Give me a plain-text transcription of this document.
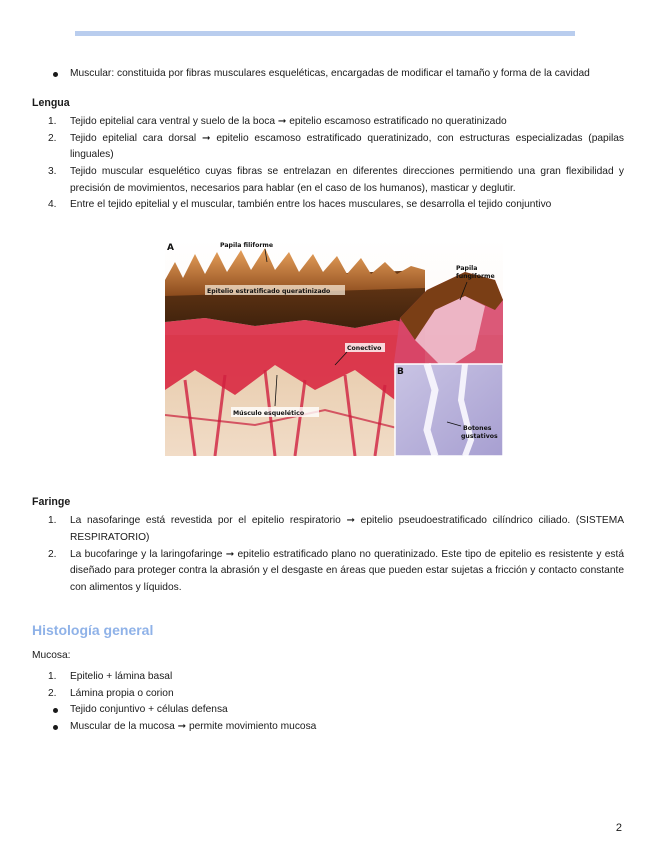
Muscular: constituida por fibras musculares esqueléticas, encargadas de modificar el tamaño y forma de la cavidad
Lengua
1.	Tejido epitelial cara ventral y suelo de la boca ➞ epitelio escamoso estratificado no queratinizado
2.	Tejido epitelial cara dorsal ➞ epitelio escamoso estratificado queratinizado, con estructuras especializadas (papilas linguales)
3.	Tejido muscular esquelético cuyas fibras se entrelazan en diferentes direcciones permitiendo una gran flexibilidad y precisión de movimientos, necesarios para hablar (en el caso de los humanos), masticar y deglutir.
4.	Entre el tejido epitelial y el muscular, también entre los haces musculares, se desarrolla el tejido conjuntivo
A
B
Papila filiforme
Papila
fungiforme
Epitelio estratificado queratinizado
Conectivo
Músculo esquelético
Botones
gustativos
Faringe
1.	La nasofaringe está revestida por el epitelio respiratorio ➞ epitelio pseudoestratificado cilíndrico ciliado. (SISTEMA RESPIRATORIO)
2.	La bucofaringe y la laringofaringe ➞ epitelio estratificado plano no queratinizado. Este tipo de epitelio es resistente y está diseñado para proteger contra la abrasión y el desgaste en áreas que pueden estar sujetas a fricción y contacto constante con alimentos y líquidos.
Histología general
Mucosa:
1.	Epitelio + lámina basal
2.	Lámina propia o corion
Tejido conjuntivo + células defensa
Muscular de la mucosa ➞ permite movimiento mucosa
2
